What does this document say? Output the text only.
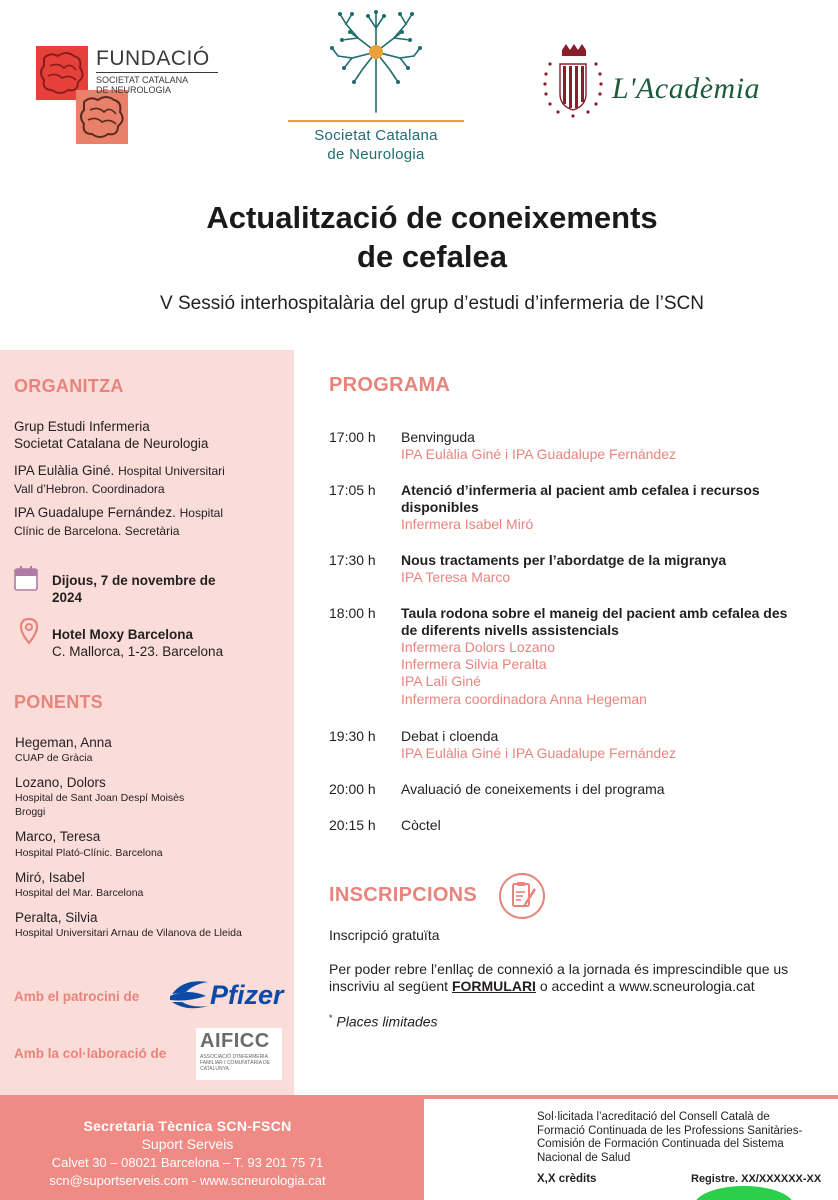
FUNDACIÓ
SOCIETAT CATALANA
DE NEUROLOGIA
Societat Catalana
de Neurologia
L'Acadèmia
Actualització de coneixements
de cefalea
V Sessió interhospitalària del grup d’estudi d’infermeria de l’SCN
ORGANITZA
Grup Estudi Infermeria
Societat Catalana de Neurologia
IPA Eulàlia Giné. Hospital Universitari
Vall d’Hebron. Coordinadora
IPA Guadalupe Fernández. Hospital
Clínic de Barcelona. Secretària
Dijous, 7 de novembre de
2024
Hotel Moxy Barcelona
C. Mallorca, 1-23. Barcelona
PONENTS
Hegeman, Anna
CUAP de Gràcia
Lozano, Dolors
Hospital de Sant Joan Despí Moisès Broggi
Marco, Teresa
Hospital Plató-Clínic. Barcelona
Miró, Isabel
Hospital del Mar. Barcelona
Peralta, Silvia
Hospital Universitari Arnau de Vilanova de Lleida
Amb el patrocini de	Pfizer
Amb la col·laboració de
AIFICC
ASSOCIACIÓ D'INFERMERIA FAMILIAR I COMUNITÀRIA DE CATALUNYA
PROGRAMA
17:00 h Benvinguda
IPA Eulàlia Giné i IPA Guadalupe Fernández
17:05 h Atenció d’infermeria al pacient amb cefalea i recursos disponibles
Infermera Isabel Miró
17:30 h Nous tractaments per l’abordatge de la migranya
IPA Teresa Marco
18:00 h Taula rodona sobre el maneig del pacient amb cefalea des de diferents nivells assistencials
Infermera Dolors Lozano
Infermera Silvia Peralta
IPA Lali Giné
Infermera coordinadora Anna Hegeman
19:30 h Debat i cloenda
IPA Eulàlia Giné i IPA Guadalupe Fernández
20:00 h Avaluació de coneixements i del programa
20:15 h Còctel
INSCRIPCIONS
Inscripció gratuïta
Per poder rebre l’enllaç de connexió a la jornada és imprescindible que us inscriviu al següent FORMULARI o accedint a www.scneurologia.cat
* Places limitades
Secretaria Tècnica SCN-FSCN
Suport Serveis
Calvet 30 – 08021 Barcelona – T. 93 201 75 71
scn@suportserveis.com - www.scneurologia.cat
Sol·licitada l’acreditació del Consell Català de Formació Continuada de les Professions Sanitàries-Comisión de Formación Continuada del Sistema Nacional de Salud
X,X crèdits	Registre. XX/XXXXXX-XX
